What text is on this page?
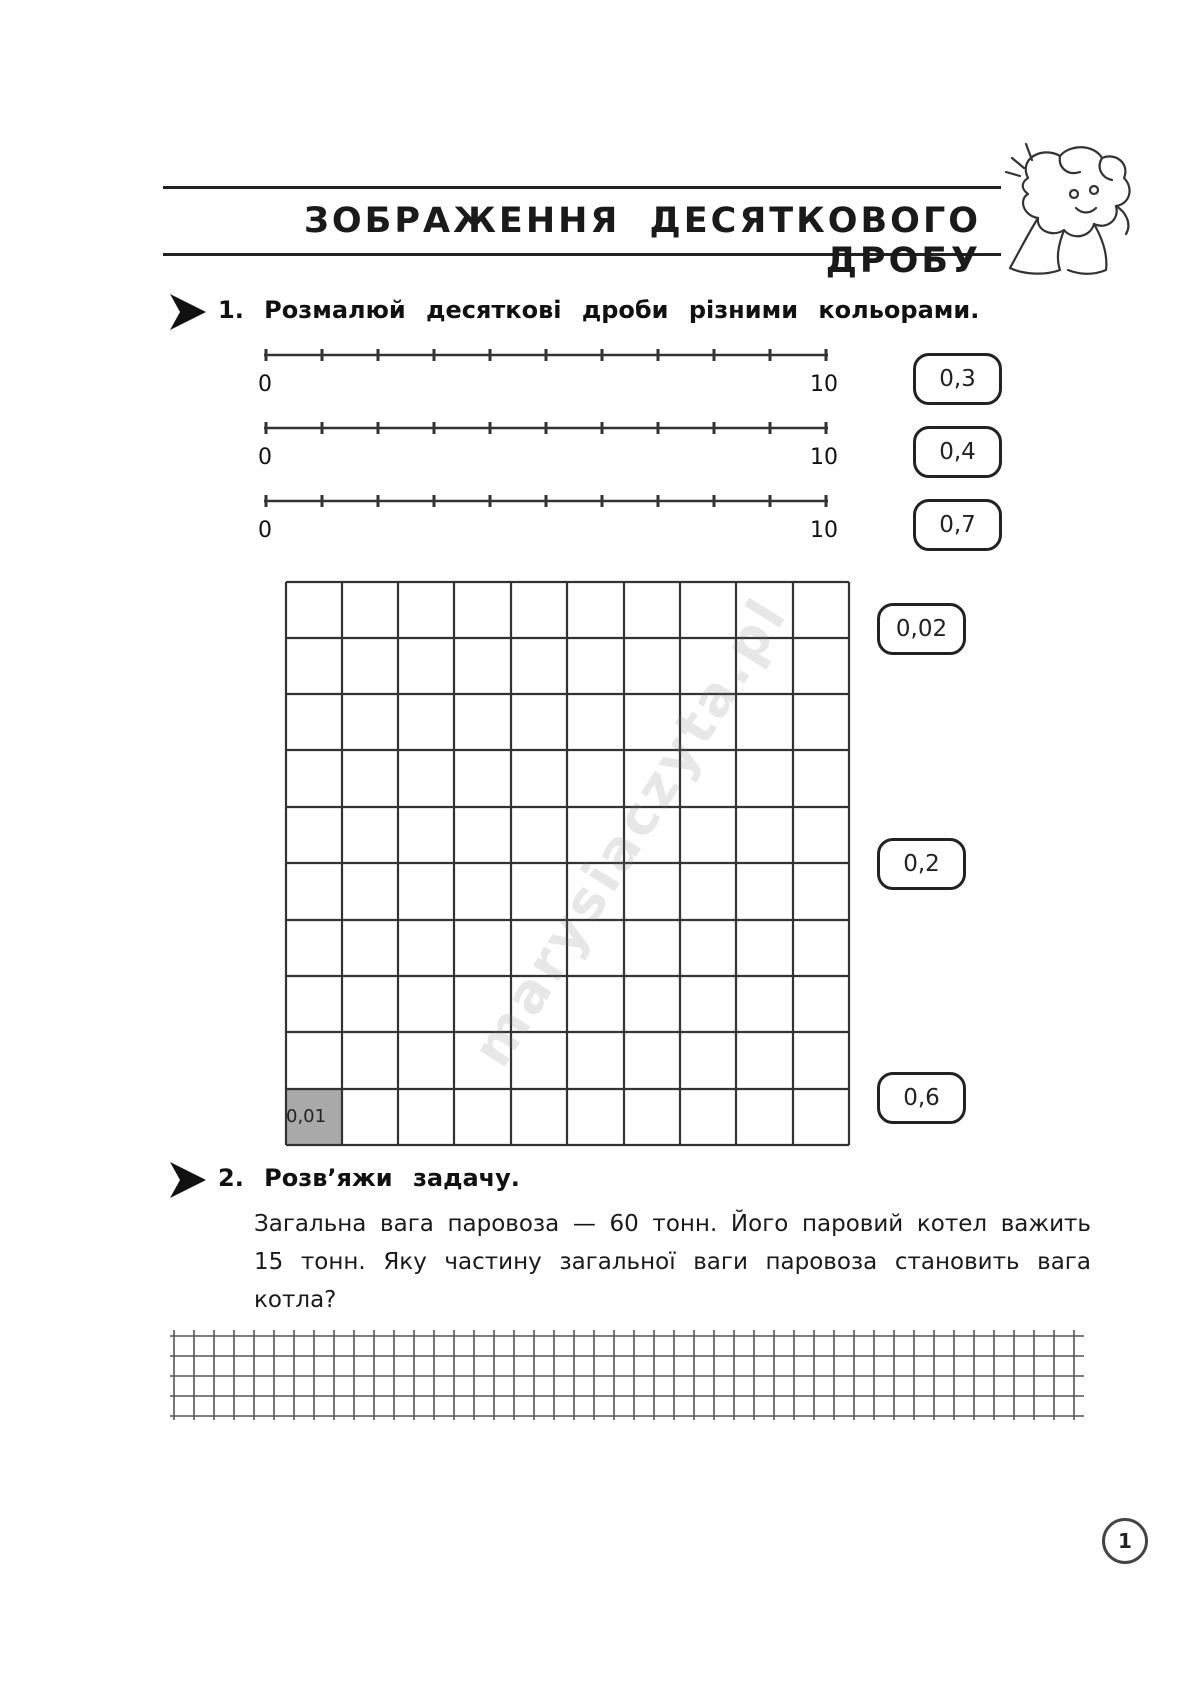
ЗОБРАЖЕННЯ ДЕСЯТКОВОГО ДРОБУ
1. Розмалюй десяткові дроби різними кольорами.
0	10	0,3
0	10	0,4
0	10	0,7
0,01
0,02
0,2
0,6
2. Розв’яжи задачу.
Загальна вага паровоза — 60 тонн. Його паровий котел важить 15 тонн. Яку частину загальної ваги паровоза становить вага котла?
marysiaczyta.pl
1
